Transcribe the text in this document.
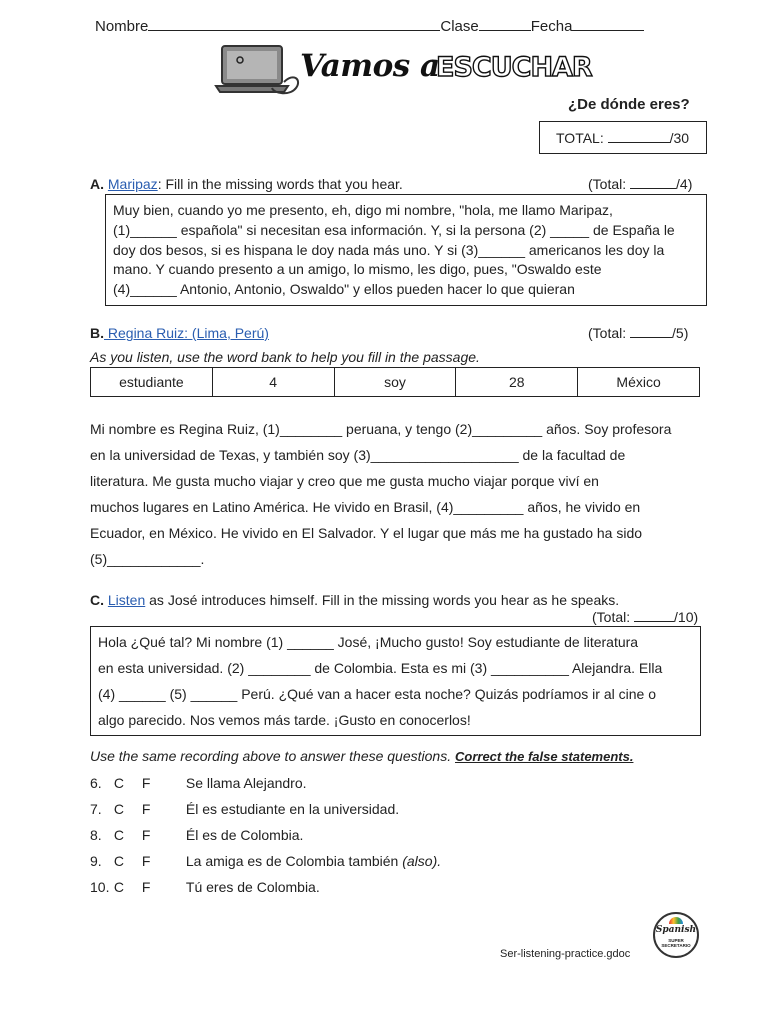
Nombre	Clase	Fecha
Vamos a
ESCUCHAR
¿De dónde eres?
TOTAL:	/30
A. Maripaz: Fill in the missing words that you hear.	(Total:	/4)
Muy bien, cuando yo me presento, eh, digo mi nombre, "hola, me llamo Maripaz,
(1)______ española" si necesitan esa información. Y, si la persona (2) _____ de España le
doy dos besos, si es hispana le doy nada más uno. Y si (3)______ americanos les doy la
mano. Y cuando presento a un amigo, lo mismo, les digo, pues, "Oswaldo este
(4)______ Antonio, Antonio, Oswaldo" y ellos pueden hacer lo que quieran
B. Regina Ruiz: (Lima, Perú)	(Total:	/5)
As you listen, use the word bank to help you fill in the passage.
estudiante	4	soy	28	México
Mi nombre es Regina Ruiz, (1)________ peruana, y tengo (2)_________ años. Soy profesora
en la universidad de Texas, y también soy (3)___________________ de la facultad de
literatura. Me gusta mucho viajar y creo que me gusta mucho viajar porque viví en
muchos lugares en Latino América. He vivido en Brasil, (4)_________ años, he vivido en
Ecuador, en México. He vivido en El Salvador. Y el lugar que más me ha gustado ha sido
(5)____________.
C. Listen as José introduces himself. Fill in the missing words you hear as he speaks.
(Total:	/10)
Hola ¿Qué tal? Mi nombre (1) ______ José, ¡Mucho gusto! Soy estudiante de literatura
en esta universidad. (2) ________ de Colombia. Esta es mi (3) __________ Alejandra. Ella
(4) ______ (5) ______ Perú. ¿Qué van a hacer esta noche? Quizás podríamos ir al cine o
algo parecido. Nos vemos más tarde. ¡Gusto en conocerlos!
Use the same recording above to answer these questions. Correct the false statements.
6. C F	Se llama Alejandro.
7. C F	Él es estudiante en la universidad.
8. C F	Él es de Colombia.
9. C F	La amiga es de Colombia también (also).
10. C F	Tú eres de Colombia.
Ser-listening-practice.gdoc
Spanish
SUPER SECRETARIO
